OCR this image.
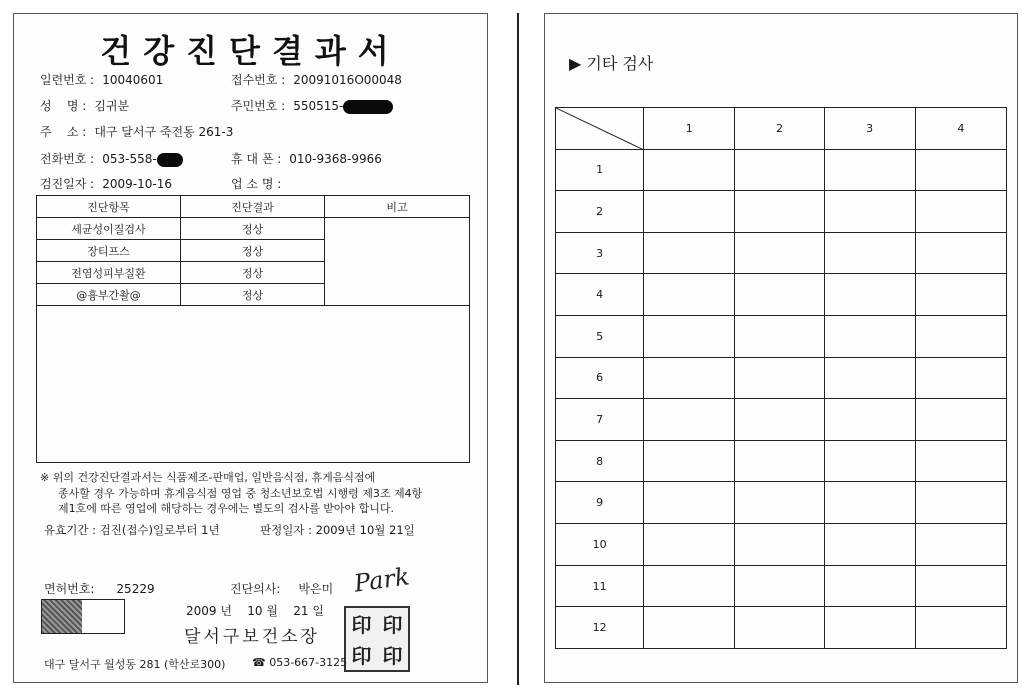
건강진단결과서
일련번호 : 10040601	접수번호 : 20091016O00048
성    명 : 김귀분	주민번호 : 550515-
주    소 : 대구 달서구 죽전동 261-3
전화번호 : 053-558-	휴 대 폰 : 010-9368-9966
검진일자 : 2009-10-16	업 소 명 :
진단항목	진단결과	비고
세균성이질검사	정상	
장티프스	정상	
전염성피부질환	정상	
@흉부간촬@	정상	

※ 위의 건강진단결과서는 식품제조-판매업, 일반음식점, 휴게음식점에
종사할 경우 가능하며 휴게음식점 영업 중 청소년보호법 시행령 제3조 제4항
제1호에 따른 영업에 해당하는 경우에는 별도의 검사를 받아야 합니다.
유효기간 : 검진(접수)일로부터 1년	판정일자 : 2009년 10월 21일
면허번호: 25229	진단의사: 박은미 Park
2009 년 10 월 21 일
달서구보건소장 印 印
印 印
대구 달서구 월성동 281 (학산로300) ☎ 053-667-3125
▶ 기타 검사
	1	2	3	4
1				
2				
3				
4				
5				
6				
7				
8				
9				
10				
11				
12				
